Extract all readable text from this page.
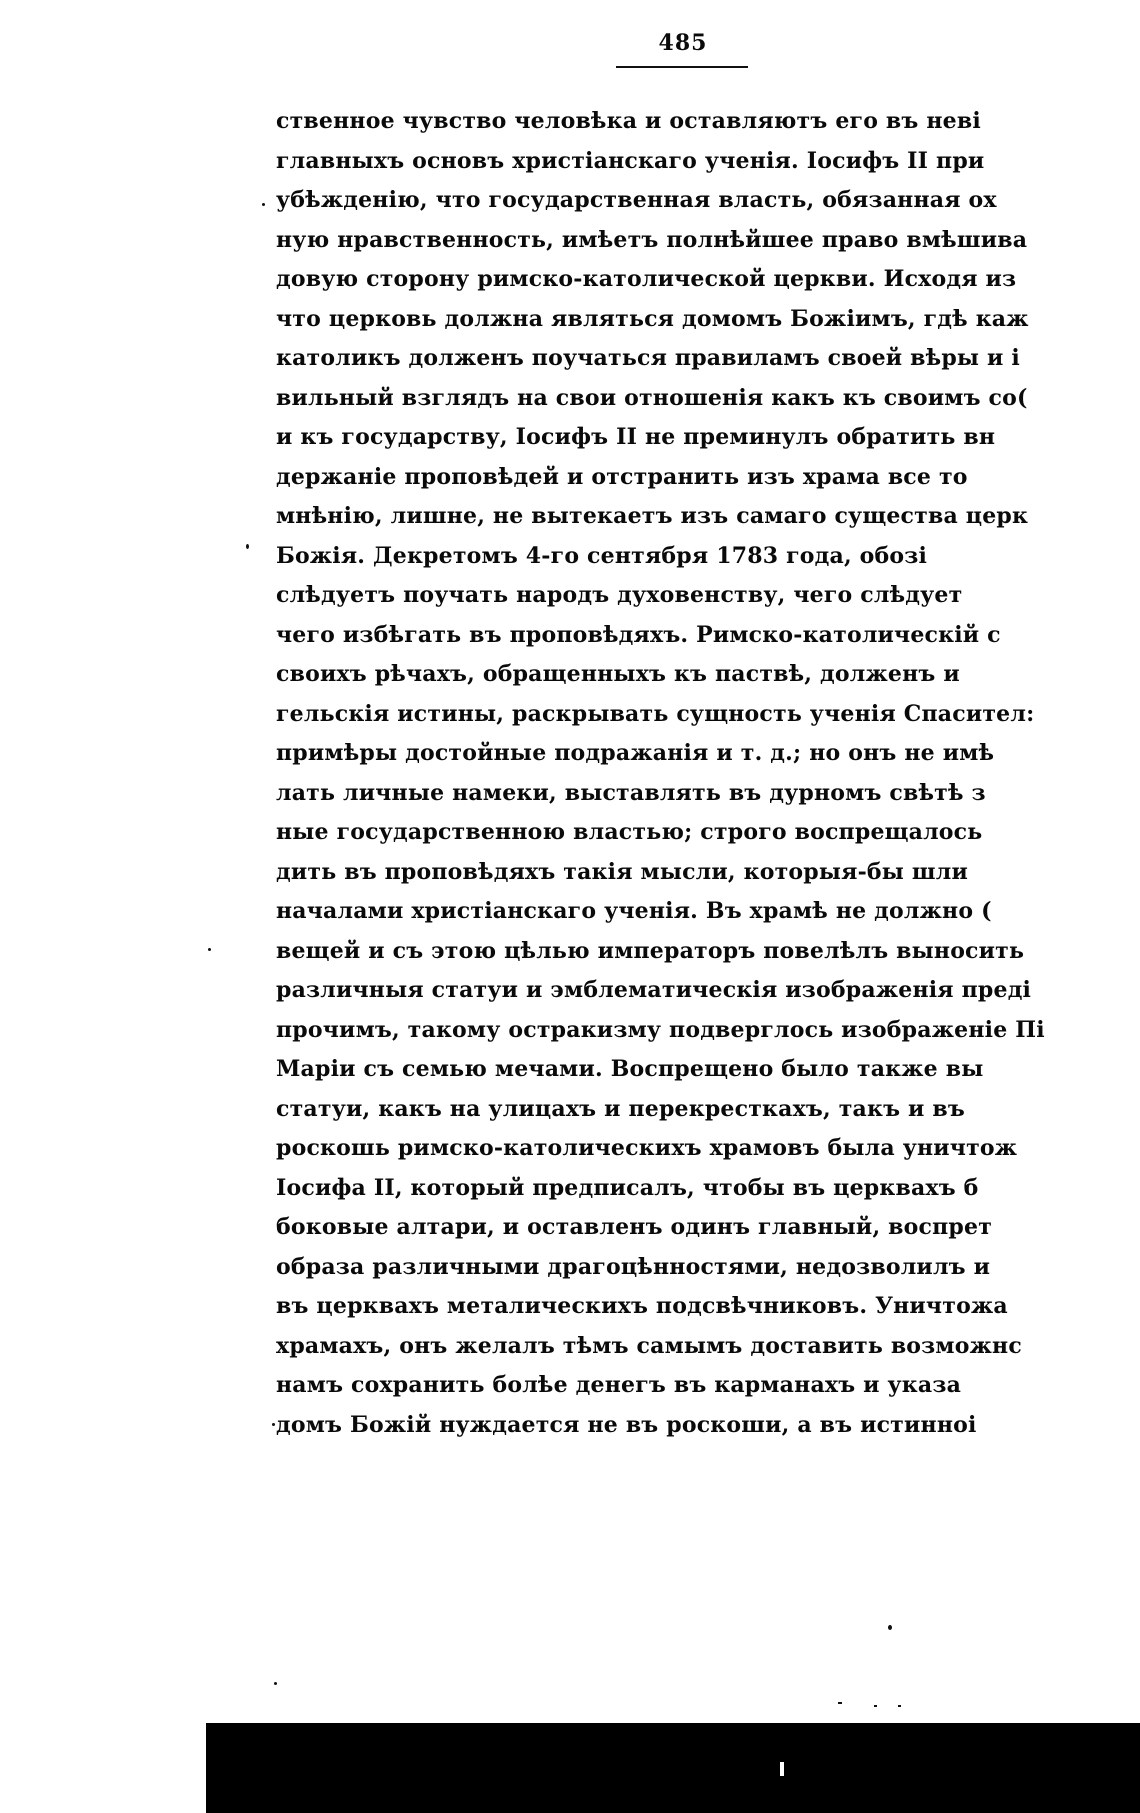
485
ственное чувство человѣка и оставляютъ его въ неві
главныхъ основъ христіанскаго ученія. Іосифъ II при
убѣжденію, что государственная власть, обязанная ох
ную нравственность, имѣетъ полнѣйшее право вмѣшива
довую сторону римско-католической церкви. Исходя из
что церковь должна являться домомъ Божіимъ, гдѣ каж
католикъ долженъ поучаться правиламъ своей вѣры и і
вильный взглядъ на свои отношенія какъ къ своимъ со(
и къ государству, Іосифъ II не преминулъ обратить вн
держаніе проповѣдей и отстранить изъ храма все то
мнѣнію, лишне, не вытекаетъ изъ самаго существа церк
Божія. Декретомъ 4-го сентября 1783 года, обозі
слѣдуетъ поучать народъ духовенству, чего слѣдует
чего избѣгать въ проповѣдяхъ. Римско-католическій с
своихъ рѣчахъ, обращенныхъ къ паствѣ, долженъ и
гельскія истины, раскрывать сущность ученія Спасител:
примѣры достойные подражанія и т. д.; но онъ не имѣ
лать личные намеки, выставлять въ дурномъ свѣтѣ з
ные государственною властью; строго воспрещалось
дить въ проповѣдяхъ такія мысли, которыя-бы шли
началами христіанскаго ученія. Въ храмѣ не должно (
вещей и съ этою цѣлью императоръ повелѣлъ выносить
различныя статуи и эмблематическія изображенія преді
прочимъ, такому остракизму подверглось изображеніе Пі
Маріи съ семью мечами. Воспрещено было также вы
статуи, какъ на улицахъ и перекресткахъ, такъ и въ
роскошь римско-католическихъ храмовъ была уничтож
Іосифа II, который предписалъ, чтобы въ церквахъ б
боковые алтари, и оставленъ одинъ главный, воспрет
образа различными драгоцѣнностями, недозволилъ и
въ церквахъ металическихъ подсвѣчниковъ. Уничтожа
храмахъ, онъ желалъ тѣмъ самымъ доставить возможнс
намъ сохранить болѣе денегъ въ карманахъ и указа
домъ Божій нуждается не въ роскоши, а въ истинноі
